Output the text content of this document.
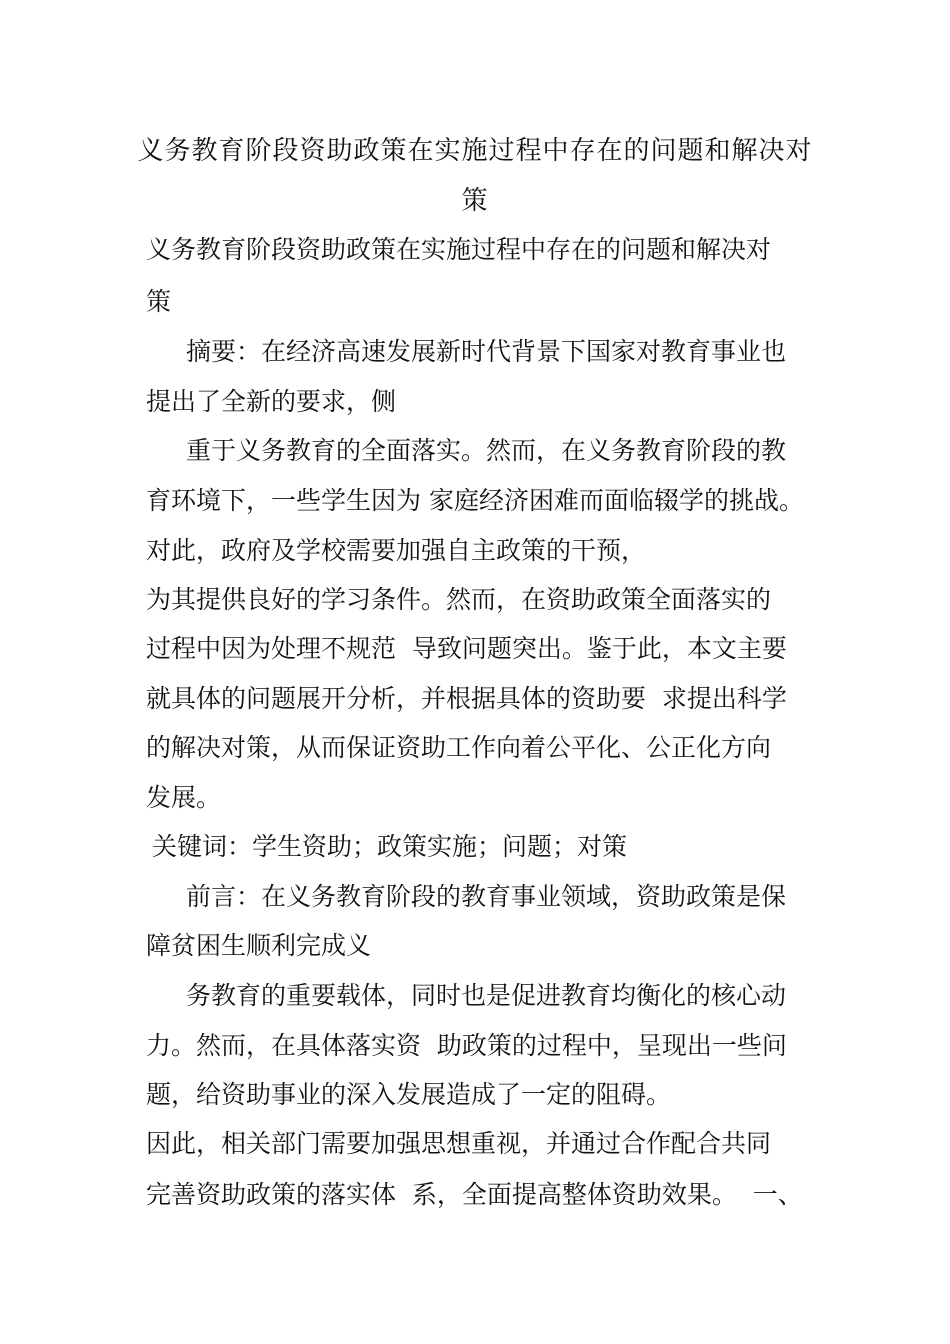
义务教育阶段资助政策在实施过程中存在的问题和解决对
策
义务教育阶段资助政策在实施过程中存在的问题和解决对
策
摘要：在经济高速发展新时代背景下国家对教育事业也
提出了全新的要求，侧
重于义务教育的全面落实。然而，在义务教育阶段的教
育环境下，一些学生因为 家庭经济困难而面临辍学的挑战。
对此，政府及学校需要加强自主政策的干预，
为其提供良好的学习条件。然而，在资助政策全面落实的
过程中因为处理不规范  导致问题突出。鉴于此，本文主要
就具体的问题展开分析，并根据具体的资助要  求提出科学
的解决对策，从而保证资助工作向着公平化、公正化方向
发展。
关键词：学生资助；政策实施；问题；对策
前言：在义务教育阶段的教育事业领域，资助政策是保
障贫困生顺利完成义
务教育的重要载体，同时也是促进教育均衡化的核心动
力。然而，在具体落实资  助政策的过程中，呈现出一些问
题，给资助事业的深入发展造成了一定的阻碍。
因此，相关部门需要加强思想重视，并通过合作配合共同
完善资助政策的落实体  系，全面提高整体资助效果。  一、
